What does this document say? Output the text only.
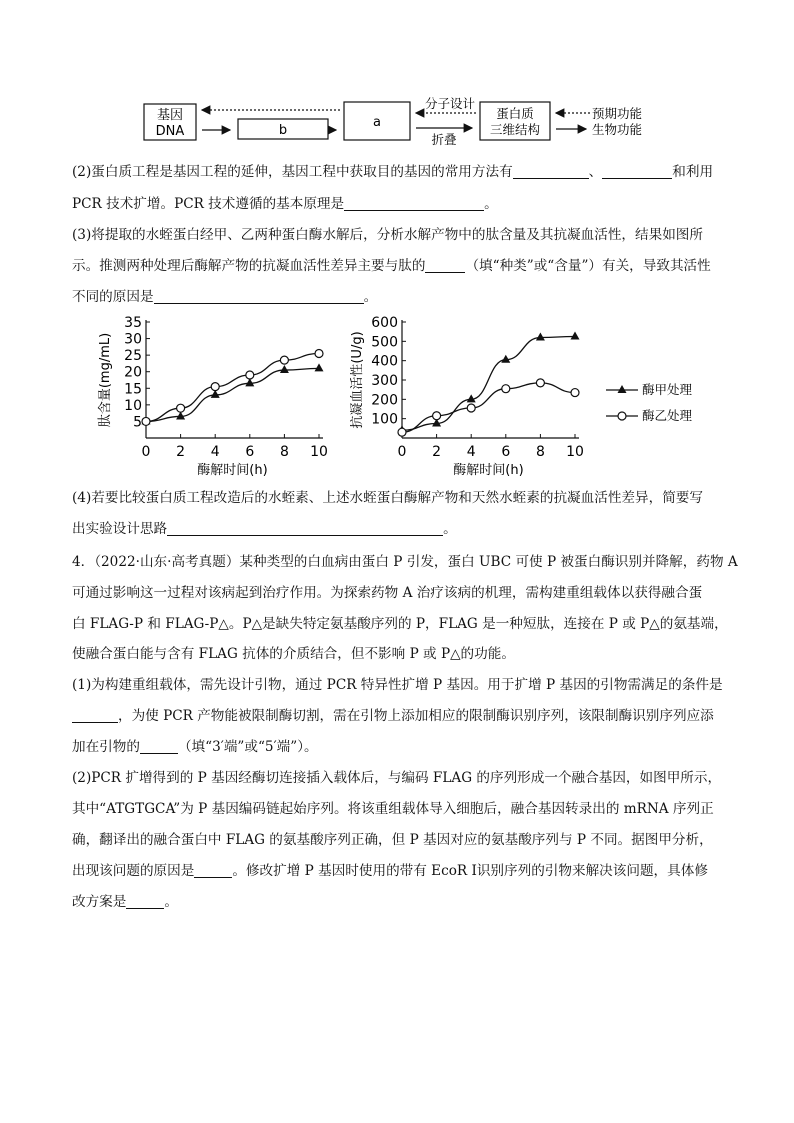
基因
DNA	b
a
分子设计
折叠
蛋白质
三维结构
预期功能
生物功能
(2)蛋白质工程是基因工程的延伸，基因工程中获取目的基因的常用方法有	、	和利用
PCR 技术扩增。PCR 技术遵循的基本原理是	。
(3)将提取的水蛭蛋白经甲、乙两种蛋白酶水解后，分析水解产物中的肽含量及其抗凝血活性，结果如图所
示。推测两种处理后酶解产物的抗凝血活性差异主要与肽的	（填“种类”或“含量”）有关，导致其活性
不同的原因是	。
5
10
15
20
25
30
35
0 2 4 6 8 10
酶解时间(h)
肽含量(mg/mL)	100
200
300
400
500
600
0 2 4 6 8 10
酶解时间(h)
抗凝血活性(U/g)	酶甲处理
酶乙处理
(4)若要比较蛋白质工程改造后的水蛭素、上述水蛭蛋白酶解产物和天然水蛭素的抗凝血活性差异，简要写
出实验设计思路	。
4．（2022·山东·高考真题）某种类型的白血病由蛋白 P 引发，蛋白 UBC 可使 P 被蛋白酶识别并降解，药物 A
可通过影响这一过程对该病起到治疗作用。为探索药物 A 治疗该病的机理，需构建重组载体以获得融合蛋
白 FLAG-P 和 FLAG-P△。P△是缺失特定氨基酸序列的 P，FLAG 是一种短肽，连接在 P 或 P△的氨基端，
使融合蛋白能与含有 FLAG 抗体的介质结合，但不影响 P 或 P△的功能。
(1)为构建重组载体，需先设计引物，通过 PCR 特异性扩增 P 基因。用于扩增 P 基因的引物需满足的条件是
，为使 PCR 产物能被限制酶切割，需在引物上添加相应的限制酶识别序列，该限制酶识别序列应添
加在引物的	（填“3′端”或“5′端”）。
(2)PCR 扩增得到的 P 基因经酶切连接插入载体后，与编码 FLAG 的序列形成一个融合基因，如图甲所示，
其中“ATGTGCA”为 P 基因编码链起始序列。将该重组载体导入细胞后，融合基因转录出的 mRNA 序列正
确，翻译出的融合蛋白中 FLAG 的氨基酸序列正确，但 P 基因对应的氨基酸序列与 P 不同。据图甲分析，
出现该问题的原因是	。修改扩增 P 基因时使用的带有 EcoR Ⅰ识别序列的引物来解决该问题，具体修
改方案是	。
